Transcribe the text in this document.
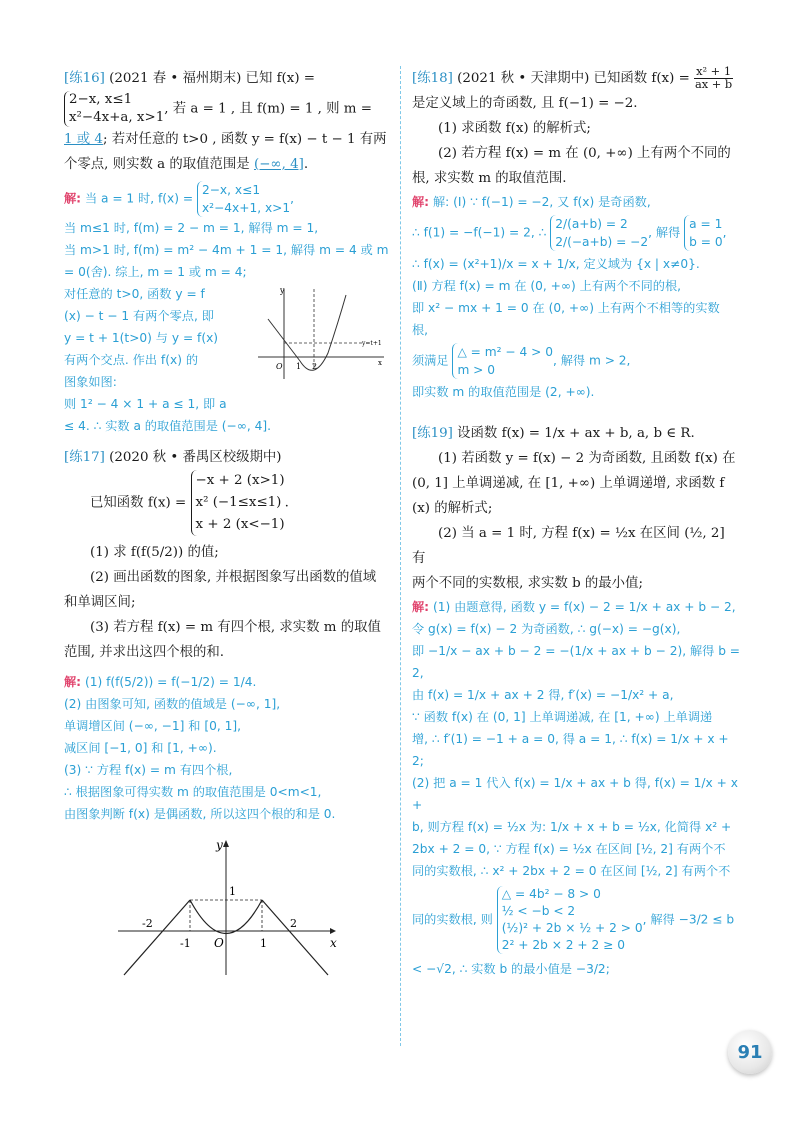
[练16] (2021 春 • 福州期末) 已知 f(x) =

2−x, x≤1
x²−4x+a, x>1, 若 a = 1 , 且 f(m) = 1 , 则 m =

1 或 4; 若对任意的 t>0 , 函数 y = f(x) − t − 1 有两

个零点, 则实数 a 的取值范围是 (−∞, 4].

解: 当 a = 1 时, f(x) = 2−x, x≤1
x²−4x+1, x>1,

当 m≤1 时, f(m) = 2 − m = 1, 解得 m = 1,

当 m>1 时, f(m) = m² − 4m + 1 = 1, 解得 m = 4 或 m

= 0(舍). 综上, m = 1 或 m = 4;

对任意的 t>0, 函数 y = f

(x) − t − 1 有两个零点, 即

y = t + 1(t>0) 与 y = f(x)

有两个交点. 作出 f(x) 的

图象如图:

则 1² − 4 × 1 + a ≤ 1, 即 a

y
O 1 2	x
y=t+1

≤ 4. ∴ 实数 a 的取值范围是 (−∞, 4].

[练17] (2020 秋 • 番禺区校级期中)

已知函数 f(x) = −x + 2 (x>1)
x² (−1≤x≤1)
x + 2 (x<−1).

(1) 求 f(f(5/2)) 的值;

(2) 画出函数的图象, 并根据图象写出函数的值域

和单调区间;

(3) 若方程 f(x) = m 有四个根, 求实数 m 的取值

范围, 并求出这四个根的和.

解: (1) f(f(5/2)) = f(−1/2) = 1/4.

(2) 由图象可知, 函数的值域是 (−∞, 1],

单调增区间 (−∞, −1] 和 [0, 1],

减区间 [−1, 0] 和 [1, +∞).

(3) ∵ 方程 f(x) = m 有四个根,

∴ 根据图象可得实数 m 的取值范围是 0<m<1,

由图象判断 f(x) 是偶函数, 所以这四个根的和是 0.

y
x
O
-2
-1	1
2
1

[练18] (2021 秋 • 天津期中) 已知函数 $f(x) = \frac{\text{x² + 1}}{ax + b}$

是定义域上的奇函数, 且 f(−1) = −2.

(1) 求函数 f(x) 的解析式;

(2) 若方程 f(x) = m 在 (0, +∞) 上有两个不同的

根, 求实数 m 的取值范围.

解: 解: (Ⅰ) ∵ f(−1) = −2, 又 f(x) 是奇函数,

∴ f(1) = −f(−1) = 2, ∴ 2/(a+b) = 2
2/(−a+b) = −2, 解得 a = 1
b = 0,

∴ f(x) = (x²+1)/x = x + 1/x, 定义域为 {x | x≠0}.

(Ⅱ) 方程 f(x) = m 在 (0, +∞) 上有两个不同的根,

即 x² − mx + 1 = 0 在 (0, +∞) 上有两个不相等的实数

根,

须满足 △ = m² − 4 > 0
m > 0, 解得 m > 2,

即实数 m 的取值范围是 (2, +∞).

[练19] 设函数 f(x) = 1/x + ax + b, a, b ∈ R.

(1) 若函数 y = f(x) − 2 为奇函数, 且函数 f(x) 在

(0, 1] 上单调递减, 在 [1, +∞) 上单调递增, 求函数 f

(x) 的解析式;

(2) 当 a = 1 时, 方程 f(x) = ½x 在区间 (½, 2] 有

两个不同的实数根, 求实数 b 的最小值;

解: (1) 由题意得, 函数 y = f(x) − 2 = 1/x + ax + b − 2,

令 g(x) = f(x) − 2 为奇函数, ∴ g(−x) = −g(x),

即 −1/x − ax + b − 2 = −(1/x + ax + b − 2), 解得 b = 2,

由 f(x) = 1/x + ax + 2 得, f′(x) = −1/x² + a,

∵ 函数 f(x) 在 (0, 1] 上单调递减, 在 [1, +∞) 上单调递

增, ∴ f′(1) = −1 + a = 0, 得 a = 1, ∴ f(x) = 1/x + x + 2;

(2) 把 a = 1 代入 f(x) = 1/x + ax + b 得, f(x) = 1/x + x +

b, 则方程 f(x) = ½x 为: 1/x + x + b = ½x, 化简得 x² +

2bx + 2 = 0, ∵ 方程 f(x) = ½x 在区间 [½, 2] 有两个不

同的实数根, ∴ x² + 2bx + 2 = 0 在区间 [½, 2] 有两个不

同的实数根, 则 △ = 4b² − 8 > 0
½ < −b < 2
(½)² + 2b × ½ + 2 > 0
2² + 2b × 2 + 2 ≥ 0, 解得 −3/2 ≤ b

< −√2, ∴ 实数 b 的最小值是 −3/2;

91
